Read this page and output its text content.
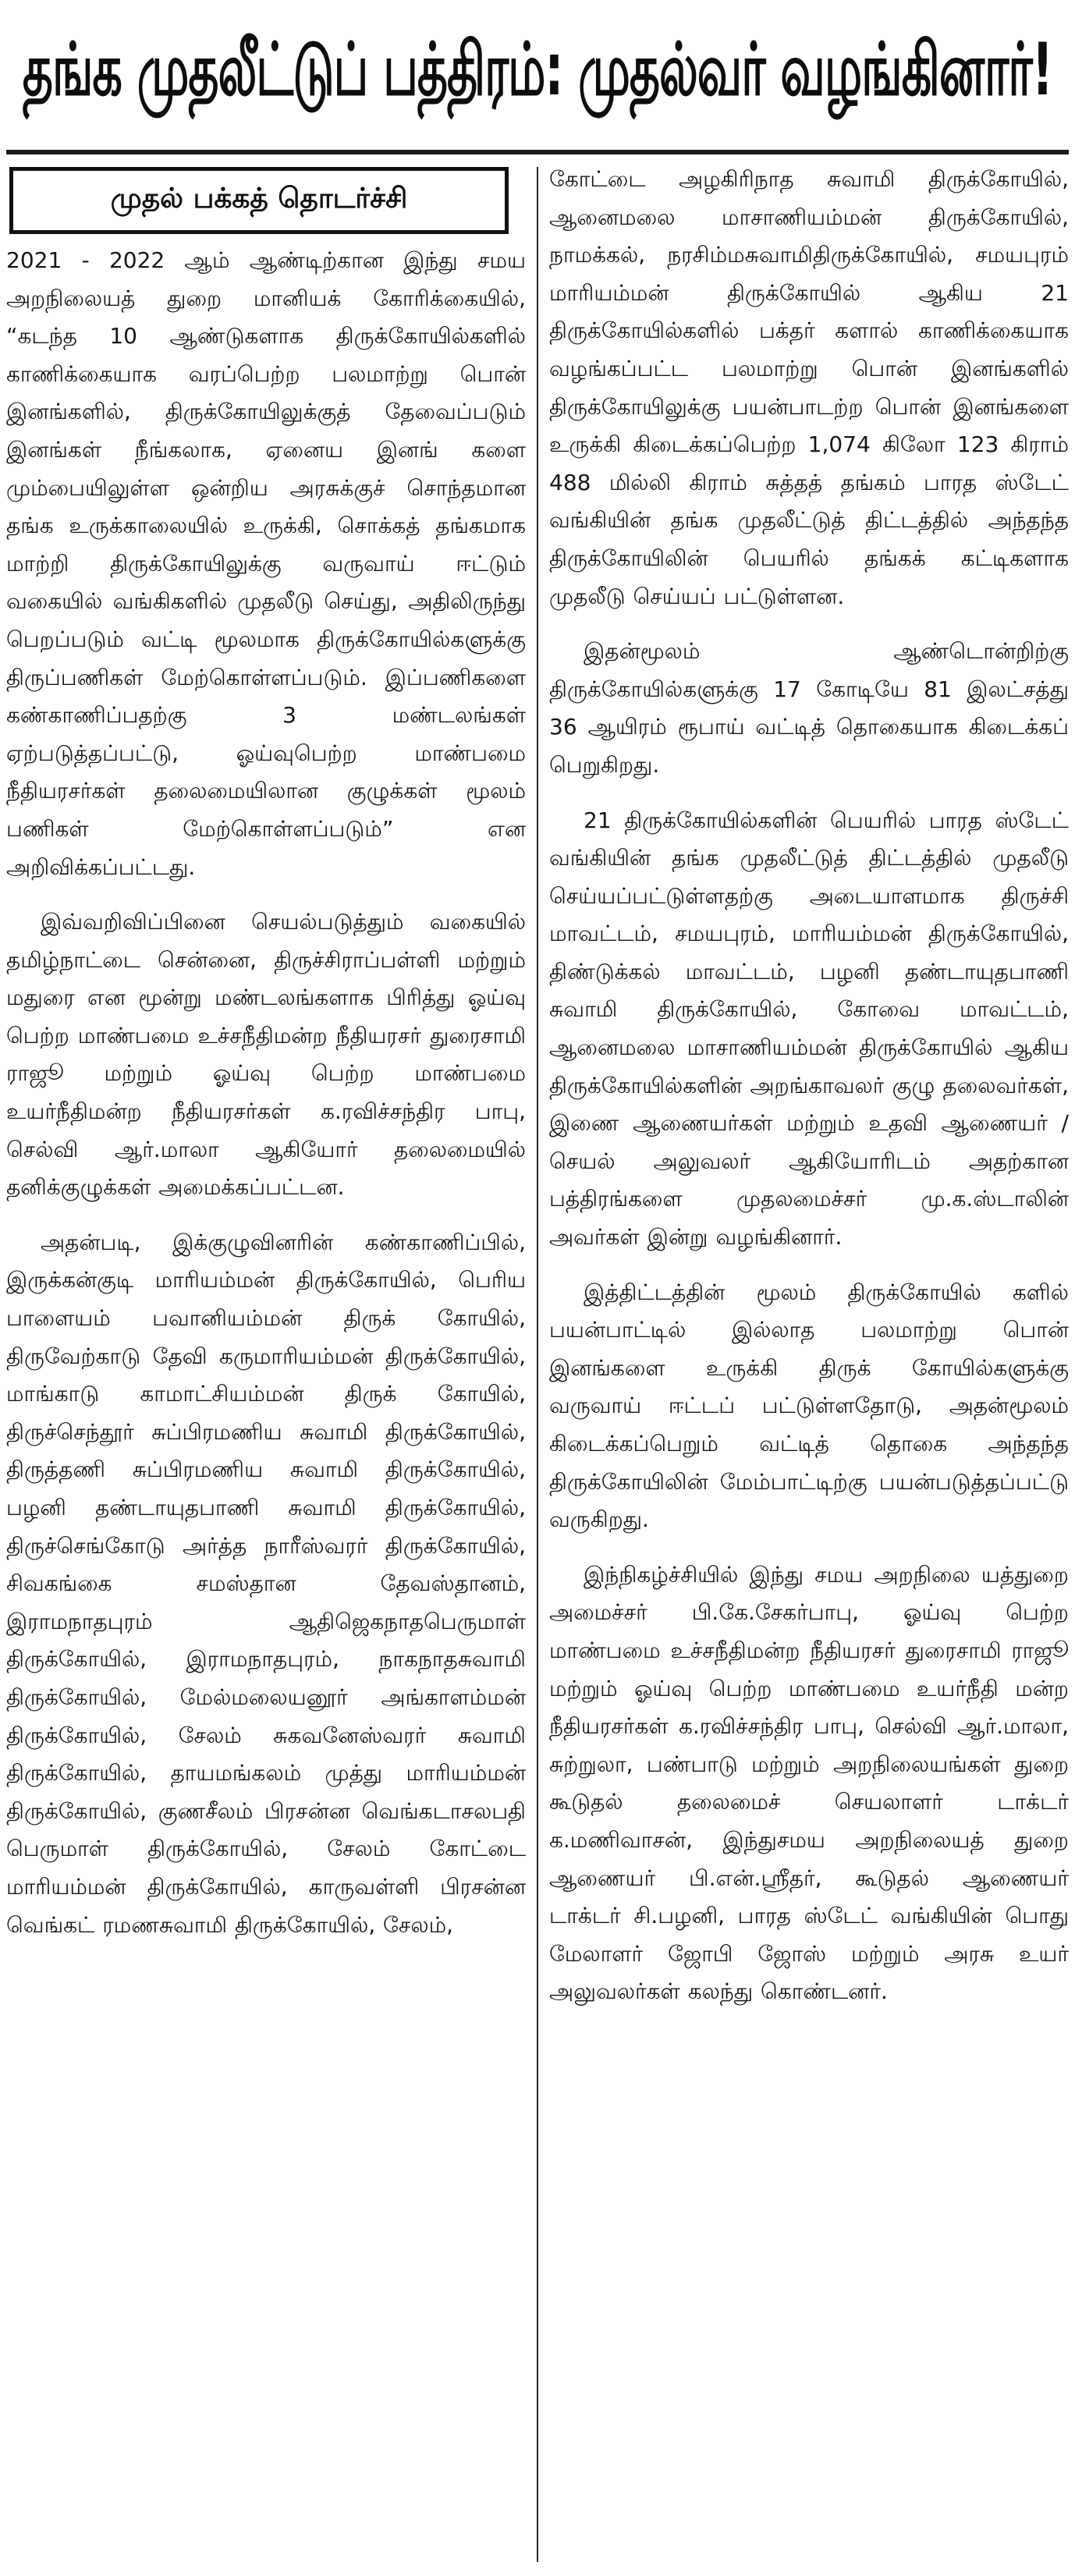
தங்க முதலீட்டுப் பத்திரம்: முதல்வர் வழங்கினார்!
முதல் பக்கத் தொடர்ச்சி

2021 - 2022 ஆம் ஆண்டிற்கான இந்து சமய அறநிலையத் துறை மானியக் கோரிக்கையில், “கடந்த 10 ஆண்டுகளாக திருக்கோயில்களில் காணிக்கையாக வரப்பெற்ற பலமாற்று பொன் இனங்களில், திருக்கோயிலுக்குத் தேவைப்படும் இனங்கள் நீங்கலாக, ஏனைய இனங் களை மும்பையிலுள்ள ஒன்றிய அரசுக்குச் சொந்தமான தங்க உருக்காலையில் உருக்கி, சொக்கத் தங்கமாக மாற்றி திருக்கோயிலுக்கு வருவாய் ஈட்டும் வகையில் வங்கிகளில் முதலீடு செய்து, அதிலிருந்து பெறப்படும் வட்டி மூலமாக திருக்கோயில்களுக்கு திருப்பணிகள் மேற்கொள்ளப்படும். இப்பணிகளை கண்காணிப்பதற்கு 3 மண்டலங்கள் ஏற்படுத்தப்பட்டு, ஓய்வுபெற்ற மாண்பமை நீதியரசர்கள் தலைமையிலான குழுக்கள் மூலம் பணிகள் மேற்கொள்ளப்படும்” என அறிவிக்கப்பட்டது.

இவ்வறிவிப்பினை செயல்படுத்தும் வகையில் தமிழ்நாட்டை சென்னை, திருச்சிராப்பள்ளி மற்றும் மதுரை என மூன்று மண்டலங்களாக பிரித்து ஓய்வு பெற்ற மாண்பமை உச்சநீதிமன்ற நீதியரசர் துரைசாமி ராஜூ மற்றும் ஓய்வு பெற்ற மாண்பமை உயர்நீதிமன்ற நீதியரசர்கள் க.ரவிச்சந்திர பாபு, செல்வி ஆர்.மாலா ஆகியோர் தலைமையில் தனிக்குழுக்கள் அமைக்கப்பட்டன.

அதன்படி, இக்குழுவினரின் கண்காணிப்பில், இருக்கன்குடி மாரியம்மன் திருக்கோயில், பெரிய பாளையம் பவானியம்மன் திருக் கோயில், திருவேற்காடு தேவி கருமாரியம்மன் திருக்கோயில், மாங்காடு காமாட்சியம்மன் திருக் கோயில், திருச்செந்தூர் சுப்பிரமணிய சுவாமி திருக்கோயில், திருத்தணி சுப்பிரமணிய சுவாமி திருக்கோயில், பழனி தண்டாயுதபாணி சுவாமி திருக்கோயில், திருச்செங்கோடு அர்த்த நாரீஸ்வரர் திருக்கோயில், சிவகங்கை சமஸ்தான தேவஸ்தானம், இராமநாதபுரம் ஆதிஜெகநாதபெருமாள் திருக்கோயில், இராமநாதபுரம், நாகநாதசுவாமி திருக்கோயில், மேல்மலையனூர் அங்காளம்மன் திருக்கோயில், சேலம் சுகவனேஸ்வரர் சுவாமி திருக்கோயில், தாயமங்கலம் முத்து மாரியம்மன் திருக்கோயில், குணசீலம் பிரசன்ன வெங்கடாசலபதி பெருமாள் திருக்கோயில், சேலம் கோட்டை மாரியம்மன் திருக்கோயில், காருவள்ளி பிரசன்ன வெங்கட் ரமணசுவாமி திருக்கோயில், சேலம்,

கோட்டை அழகிரிநாத சுவாமி திருக்கோயில், ஆனைமலை மாசாணியம்மன் திருக்கோயில், நாமக்கல், நரசிம்மசுவாமிதிருக்கோயில், சமயபுரம் மாரியம்மன் திருக்கோயில் ஆகிய 21 திருக்கோயில்களில் பக்தர் களால் காணிக்கையாக வழங்கப்பட்ட பலமாற்று பொன் இனங்களில் திருக்கோயிலுக்கு பயன்பாடற்ற பொன் இனங்களை உருக்கி கிடைக்கப்பெற்ற 1,074 கிலோ 123 கிராம் 488 மில்லி கிராம் சுத்தத் தங்கம் பாரத ஸ்டேட் வங்கியின் தங்க முதலீட்டுத் திட்டத்தில் அந்தந்த திருக்கோயிலின் பெயரில் தங்கக் கட்டிகளாக முதலீடு செய்யப் பட்டுள்ளன.

இதன்மூலம் ஆண்டொன்றிற்கு திருக்கோயில்களுக்கு 17 கோடியே 81 இலட்சத்து 36 ஆயிரம் ரூபாய் வட்டித் தொகையாக கிடைக்கப் பெறுகிறது.

21 திருக்கோயில்களின் பெயரில் பாரத ஸ்டேட் வங்கியின் தங்க முதலீட்டுத் திட்டத்தில் முதலீடு செய்யப்பட்டுள்ளதற்கு அடையாளமாக திருச்சி மாவட்டம், சமயபுரம், மாரியம்மன் திருக்கோயில், திண்டுக்கல் மாவட்டம், பழனி தண்டாயுதபாணி சுவாமி திருக்கோயில், கோவை மாவட்டம், ஆனைமலை மாசாணியம்மன் திருக்கோயில் ஆகிய திருக்கோயில்களின் அறங்காவலர் குழு தலைவர்கள், இணை ஆணையர்கள் மற்றும் உதவி ஆணையர் / செயல் அலுவலர் ஆகியோரிடம் அதற்கான பத்திரங்களை முதலமைச்சர் மு.க.ஸ்டாலின் அவர்கள் இன்று வழங்கினார்.

இத்திட்டத்தின் மூலம் திருக்கோயில் களில் பயன்பாட்டில் இல்லாத பலமாற்று பொன் இனங்களை உருக்கி திருக் கோயில்களுக்கு வருவாய் ஈட்டப் பட்டுள்ளதோடு, அதன்மூலம் கிடைக்கப்பெறும் வட்டித் தொகை அந்தந்த திருக்கோயிலின் மேம்பாட்டிற்கு பயன்படுத்தப்பட்டு வருகிறது.

இந்நிகழ்ச்சியில் இந்து சமய அறநிலை யத்துறை அமைச்சர் பி.கே.சேகர்பாபு, ஓய்வு பெற்ற மாண்பமை உச்சநீதிமன்ற நீதியரசர் துரைசாமி ராஜூ மற்றும் ஓய்வு பெற்ற மாண்பமை உயர்நீதி மன்ற நீதியரசர்கள் க.ரவிச்சந்திர பாபு, செல்வி ஆர்.மாலா, சுற்றுலா, பண்பாடு மற்றும் அறநிலையங்கள் துறை கூடுதல் தலைமைச் செயலாளர் டாக்டர் க.மணிவாசன், இந்துசமய அறநிலையத் துறை ஆணையர் பி.என்.ஸ்ரீதர், கூடுதல் ஆணையர் டாக்டர் சி.பழனி, பாரத ஸ்டேட் வங்கியின் பொது மேலாளர் ஜோபி ஜோஸ் மற்றும் அரசு உயர் அலுவலர்கள் கலந்து கொண்டனர்.
